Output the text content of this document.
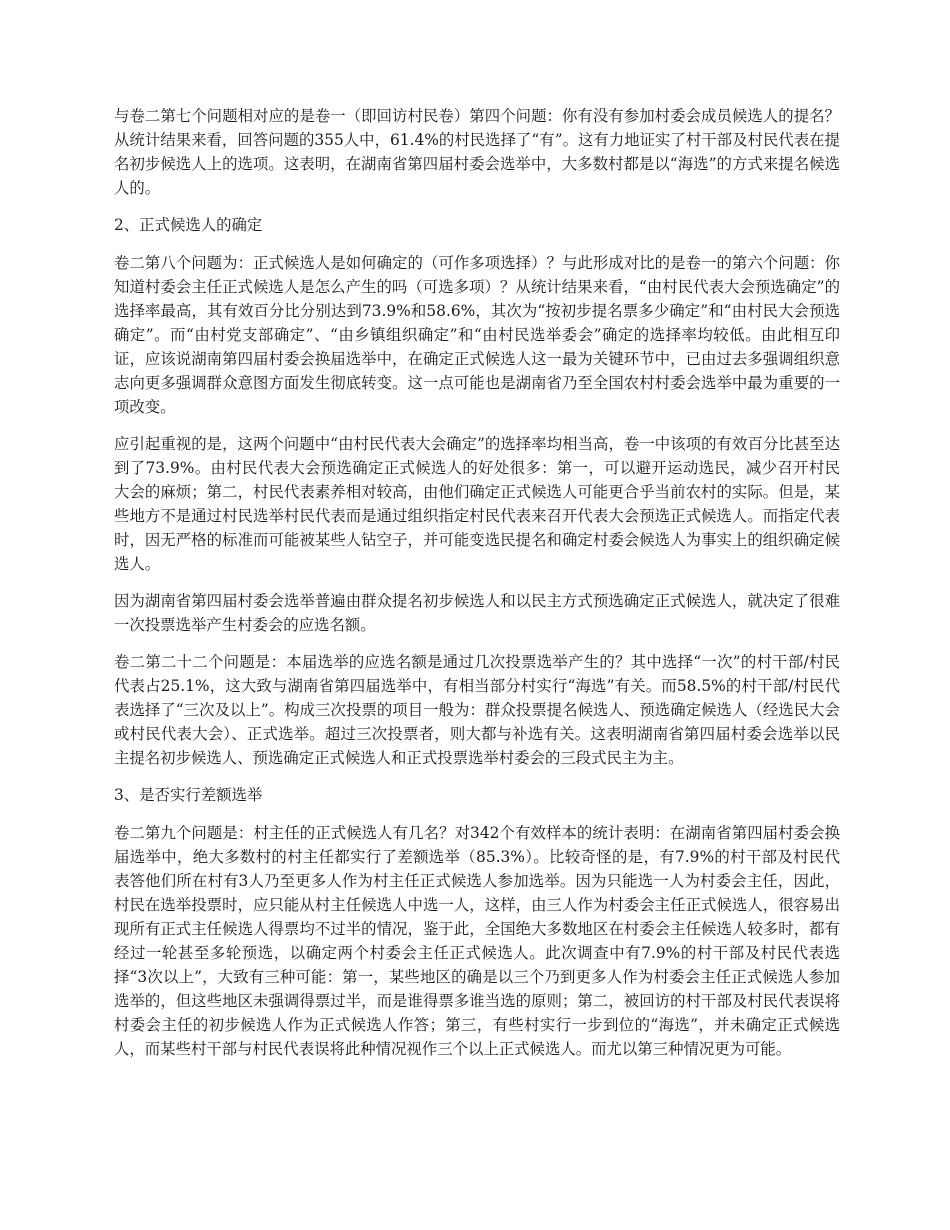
与卷二第七个问题相对应的是卷一（即回访村民卷）第四个问题：你有没有参加村委会成员候选人的提名？从统计结果来看，回答问题的355人中，61.4%的村民选择了“有”。这有力地证实了村干部及村民代表在提名初步候选人上的选项。这表明，在湖南省第四届村委会选举中，大多数村都是以“海选”的方式来提名候选人的。

2、正式候选人的确定

卷二第八个问题为：正式候选人是如何确定的（可作多项选择）？与此形成对比的是卷一的第六个问题：你知道村委会主任正式候选人是怎么产生的吗（可选多项）？从统计结果来看，“由村民代表大会预选确定”的选择率最高，其有效百分比分别达到73.9%和58.6%，其次为“按初步提名票多少确定”和“由村民大会预选确定”。而“由村党支部确定”、“由乡镇组织确定”和“由村民选举委会”确定的选择率均较低。由此相互印证，应该说湖南第四届村委会换届选举中，在确定正式候选人这一最为关键环节中，已由过去多强调组织意志向更多强调群众意图方面发生彻底转变。这一点可能也是湖南省乃至全国农村村委会选举中最为重要的一项改变。

应引起重视的是，这两个问题中“由村民代表大会确定”的选择率均相当高，卷一中该项的有效百分比甚至达到了73.9%。由村民代表大会预选确定正式候选人的好处很多：第一，可以避开运动选民，减少召开村民大会的麻烦；第二，村民代表素养相对较高，由他们确定正式候选人可能更合乎当前农村的实际。但是，某些地方不是通过村民选举村民代表而是通过组织指定村民代表来召开代表大会预选正式候选人。而指定代表时，因无严格的标准而可能被某些人钻空子，并可能变选民提名和确定村委会候选人为事实上的组织确定候选人。

因为湖南省第四届村委会选举普遍由群众提名初步候选人和以民主方式预选确定正式候选人，就决定了很难一次投票选举产生村委会的应选名额。

卷二第二十二个问题是：本届选举的应选名额是通过几次投票选举产生的？其中选择“一次”的村干部/村民代表占25.1%，这大致与湖南省第四届选举中，有相当部分村实行“海选”有关。而58.5%的村干部/村民代表选择了“三次及以上”。构成三次投票的项目一般为：群众投票提名候选人、预选确定候选人（经选民大会或村民代表大会）、正式选举。超过三次投票者，则大都与补选有关。这表明湖南省第四届村委会选举以民主提名初步候选人、预选确定正式候选人和正式投票选举村委会的三段式民主为主。

3、是否实行差额选举

卷二第九个问题是：村主任的正式候选人有几名？对342个有效样本的统计表明：在湖南省第四届村委会换届选举中，绝大多数村的村主任都实行了差额选举（85.3%）。比较奇怪的是，有7.9%的村干部及村民代表答他们所在村有3人乃至更多人作为村主任正式候选人参加选举。因为只能选一人为村委会主任，因此，村民在选举投票时，应只能从村主任候选人中选一人，这样，由三人作为村委会主任正式候选人，很容易出现所有正式主任候选人得票均不过半的情况，鉴于此，全国绝大多数地区在村委会主任候选人较多时，都有经过一轮甚至多轮预选，以确定两个村委会主任正式候选人。此次调查中有7.9%的村干部及村民代表选择“3次以上”，大致有三种可能：第一，某些地区的确是以三个乃到更多人作为村委会主任正式候选人参加选举的，但这些地区未强调得票过半，而是谁得票多谁当选的原则；第二，被回访的村干部及村民代表误将村委会主任的初步候选人作为正式候选人作答；第三，有些村实行一步到位的“海选”，并未确定正式候选人，而某些村干部与村民代表误将此种情况视作三个以上正式候选人。而尤以第三种情况更为可能。
